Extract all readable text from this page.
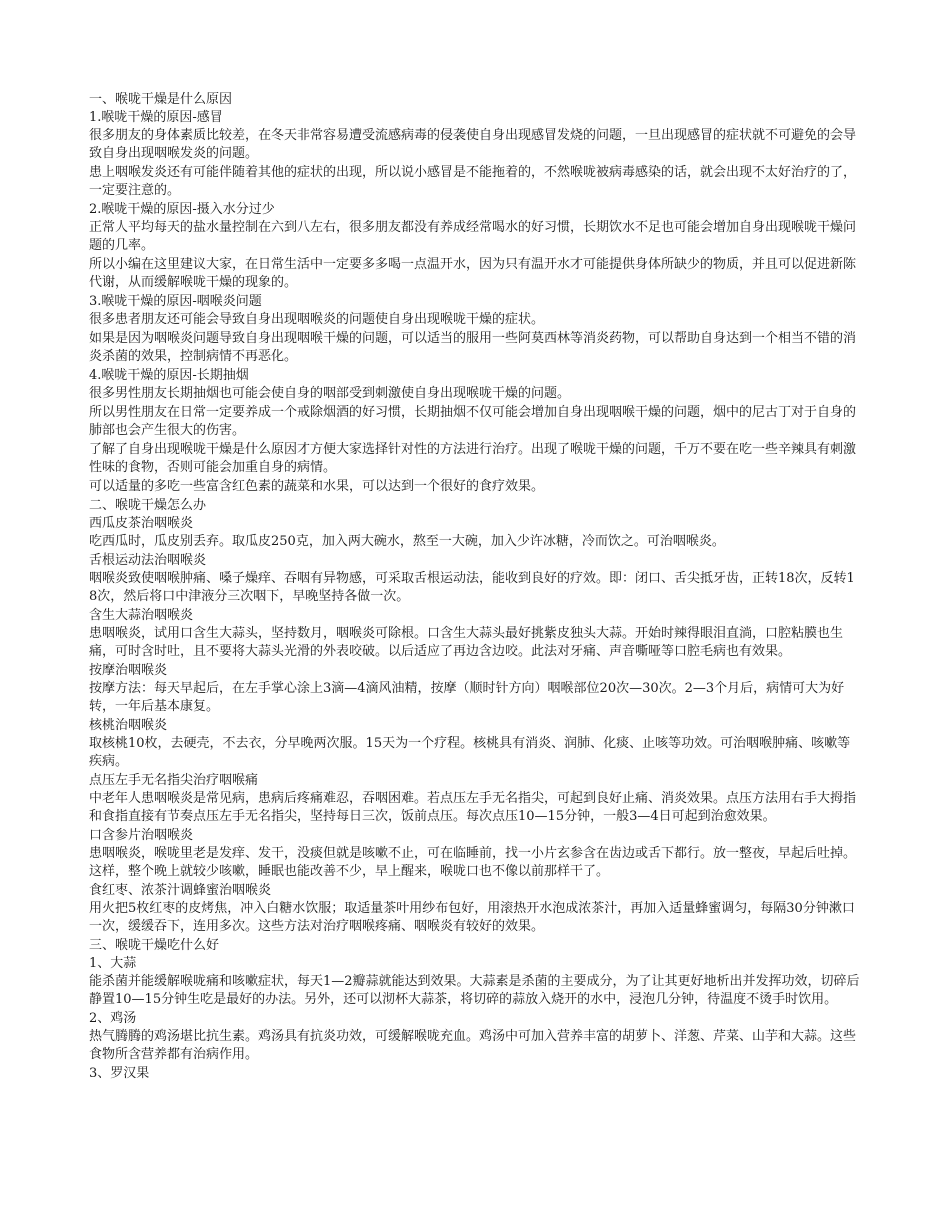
一、喉咙干燥是什么原因
1.喉咙干燥的原因-感冒
很多朋友的身体素质比较差，在冬天非常容易遭受流感病毒的侵袭使自身出现感冒发烧的问题，一旦出现感冒的症状就不可避免的会导致自身出现咽喉发炎的问题。
患上咽喉发炎还有可能伴随着其他的症状的出现，所以说小感冒是不能拖着的，不然喉咙被病毒感染的话，就会出现不太好治疗的了，一定要注意的。
2.喉咙干燥的原因-摄入水分过少
正常人平均每天的盐水量控制在六到八左右，很多朋友都没有养成经常喝水的好习惯，长期饮水不足也可能会增加自身出现喉咙干燥问题的几率。
所以小编在这里建议大家，在日常生活中一定要多多喝一点温开水，因为只有温开水才可能提供身体所缺少的物质，并且可以促进新陈代谢，从而缓解喉咙干燥的现象的。
3.喉咙干燥的原因-咽喉炎问题
很多患者朋友还可能会导致自身出现咽喉炎的问题使自身出现喉咙干燥的症状。
如果是因为咽喉炎问题导致自身出现咽喉干燥的问题，可以适当的服用一些阿莫西林等消炎药物，可以帮助自身达到一个相当不错的消炎杀菌的效果，控制病情不再恶化。
4.喉咙干燥的原因-长期抽烟
很多男性朋友长期抽烟也可能会使自身的咽部受到刺激使自身出现喉咙干燥的问题。
所以男性朋友在日常一定要养成一个戒除烟酒的好习惯，长期抽烟不仅可能会增加自身出现咽喉干燥的问题，烟中的尼古丁对于自身的肺部也会产生很大的伤害。
了解了自身出现喉咙干燥是什么原因才方便大家选择针对性的方法进行治疗。出现了喉咙干燥的问题，千万不要在吃一些辛辣具有刺激性味的食物，否则可能会加重自身的病情。
可以适量的多吃一些富含红色素的蔬菜和水果，可以达到一个很好的食疗效果。
二、喉咙干燥怎么办
西瓜皮茶治咽喉炎
吃西瓜时，瓜皮别丢弃。取瓜皮250克，加入两大碗水，熬至一大碗，加入少许冰糖，冷而饮之。可治咽喉炎。
舌根运动法治咽喉炎
咽喉炎致使咽喉肿痛、嗓子燥痒、吞咽有异物感，可采取舌根运动法，能收到良好的疗效。即：闭口、舌尖抵牙齿，正转18次，反转18次，然后将口中津液分三次咽下，早晚坚持各做一次。
含生大蒜治咽喉炎
患咽喉炎，试用口含生大蒜头，坚持数月，咽喉炎可除根。口含生大蒜头最好挑紫皮独头大蒜。开始时辣得眼泪直淌，口腔粘膜也生痛，可时含时吐，且不要将大蒜头光滑的外表咬破。以后适应了再边含边咬。此法对牙痛、声音嘶哑等口腔毛病也有效果。
按摩治咽喉炎
按摩方法：每天早起后，在左手掌心涂上3滴—4滴风油精，按摩（顺时针方向）咽喉部位20次—30次。2—3个月后，病情可大为好转，一年后基本康复。
核桃治咽喉炎
取核桃10枚，去硬壳，不去衣，分早晚两次服。15天为一个疗程。核桃具有消炎、润肺、化痰、止咳等功效。可治咽喉肿痛、咳嗽等疾病。
点压左手无名指尖治疗咽喉痛
中老年人患咽喉炎是常见病，患病后疼痛难忍，吞咽困难。若点压左手无名指尖，可起到良好止痛、消炎效果。点压方法用右手大拇指和食指直接有节奏点压左手无名指尖，坚持每日三次，饭前点压。每次点压10—15分钟，一般3—4日可起到治愈效果。
口含参片治咽喉炎
患咽喉炎，喉咙里老是发痒、发干，没痰但就是咳嗽不止，可在临睡前，找一小片玄参含在齿边或舌下都行。放一整夜，早起后吐掉。这样，整个晚上就较少咳嗽，睡眠也能改善不少，早上醒来，喉咙口也不像以前那样干了。
食红枣、浓茶汁调蜂蜜治咽喉炎
用火把5枚红枣的皮烤焦，冲入白糖水饮服；取适量茶叶用纱布包好，用滚热开水泡成浓茶汁，再加入适量蜂蜜调匀，每隔30分钟漱口一次，缓缓吞下，连用多次。这些方法对治疗咽喉疼痛、咽喉炎有较好的效果。
三、喉咙干燥吃什么好
1、大蒜
能杀菌并能缓解喉咙痛和咳嗽症状，每天1—2瓣蒜就能达到效果。大蒜素是杀菌的主要成分，为了让其更好地析出并发挥功效，切碎后静置10—15分钟生吃是最好的办法。另外，还可以沏杯大蒜茶，将切碎的蒜放入烧开的水中，浸泡几分钟，待温度不烫手时饮用。
2、鸡汤
热气腾腾的鸡汤堪比抗生素。鸡汤具有抗炎功效，可缓解喉咙充血。鸡汤中可加入营养丰富的胡萝卜、洋葱、芹菜、山芋和大蒜。这些食物所含营养都有治病作用。
3、罗汉果
